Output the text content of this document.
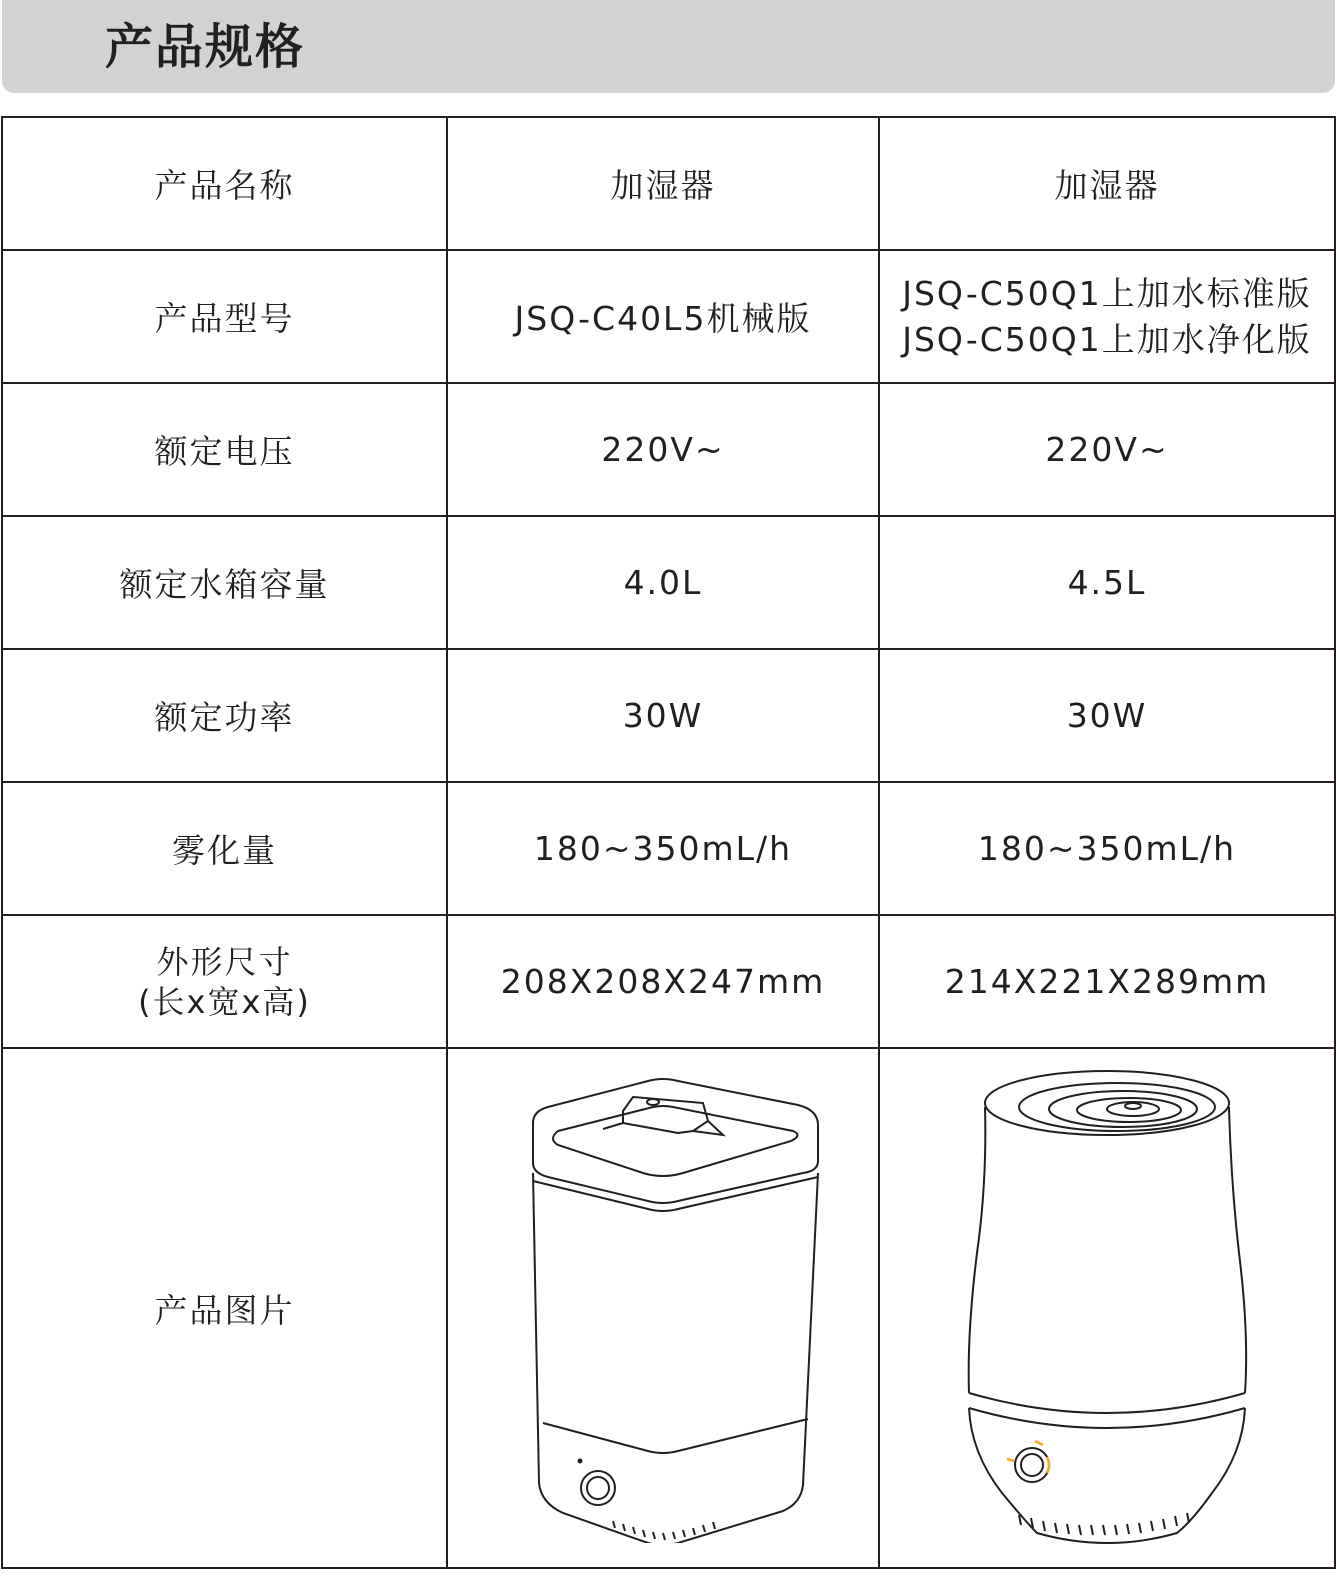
产品规格
产品名称	加湿器	加湿器
产品型号	JSQ-C40L5机械版	JSQ-C50Q1上加水标准版
JSQ-C50Q1上加水净化版

额定电压	220V~	220V~
额定水箱容量	4.0L	4.5L
额定功率	30W	30W
雾化量	180~350mL/h	180~350mL/h

外形尺寸
(长x宽x高)	208X208X247mm	214X221X289mm
产品图片	
